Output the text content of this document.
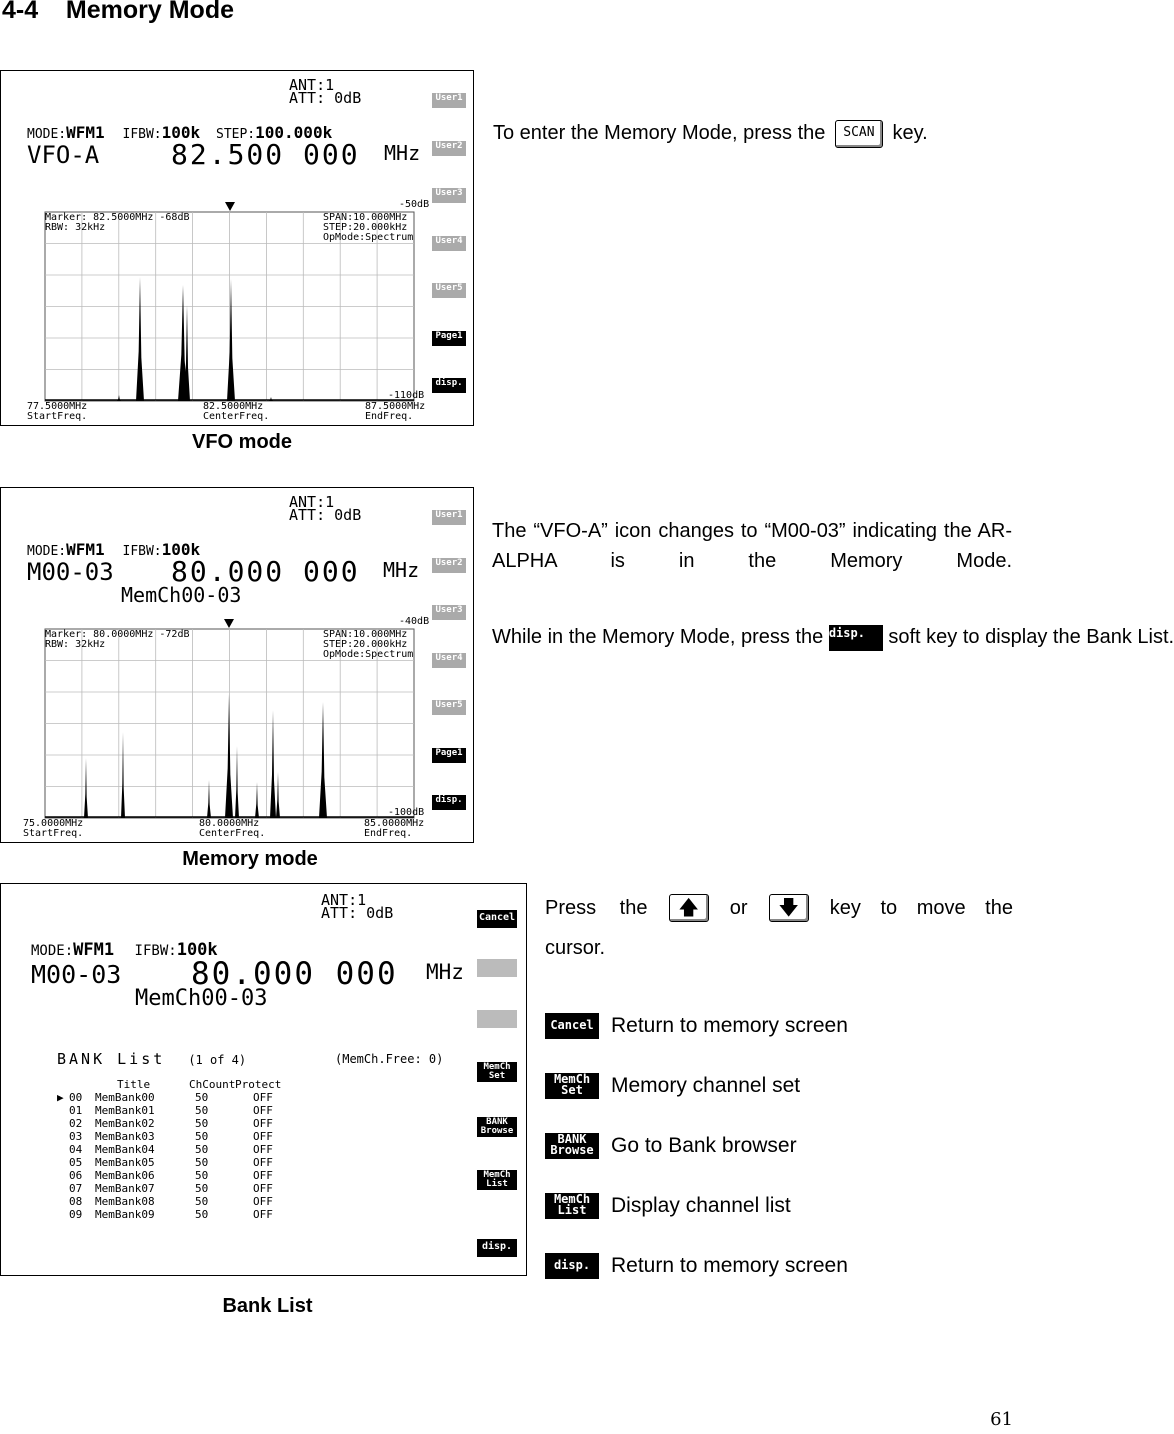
4-4    Memory Mode
ANT:1
ATT: 0dB
MODE:WFM1 IFBW:100k STEP:100.000k
VFO-A	82.500 000 MHz
-50dB
Marker: 82.5000MHz -68dB
RBW: 32kHz
SPAN:10.000MHz
STEP:20.000kHz
OpMode:Spectrum
-110dB
77.5000MHz
StartFreq.
82.5000MHz
CenterFreq.
87.5000MHz
EndFreq.
User1
User2
User3
User4
User5
Page1
disp.
VFO mode
To enter the Memory Mode, press the SCAN key.
ANT:1
ATT: 0dB
MODE:WFM1 IFBW:100k
M00-03 80.000 000 MHz
MemCh00-03
-40dB
Marker: 80.0000MHz -72dB
RBW: 32kHz
SPAN:10.000MHz
STEP:20.000kHz
OpMode:Spectrum
-100dB
75.0000MHz
StartFreq.
80.0000MHz
CenterFreq.
85.0000MHz
EndFreq.
User1
User2
User3
User4
User5
Page1
disp.
Memory mode
The “VFO-A” icon changes to “M00-03” indicating the AR-ALPHA is in the Memory Mode.
While in the Memory Mode, press the disp. soft key to display the Bank List.
ANT:1
ATT: 0dB
MODE:WFM1 IFBW:100k
M00-03 80.000 000 MHz
MemCh00-03
BANK List (1 of 4)	(MemCh.Free: 0)
Title	ChCount Protect
▶ 00	MemBank00	50	OFF
01	MemBank01	50	OFF
02	MemBank02	50	OFF
03	MemBank03	50	OFF
04	MemBank04	50	OFF
05	MemBank05	50	OFF
06	MemBank06	50	OFF
07	MemBank07	50	OFF
08	MemBank08	50	OFF
09	MemBank09	50	OFF
Cancel
MemCh
Set
BANK
Browse
MemCh
List
disp.
Bank List
Press the	🡅	or	🡇	key to move the
cursor.
Cancel Return to memory screen
MemCh
Set	Memory channel set
BANK
Browse Go to Bank browser
MemCh
List	Display channel list
disp. Return to memory screen
61
